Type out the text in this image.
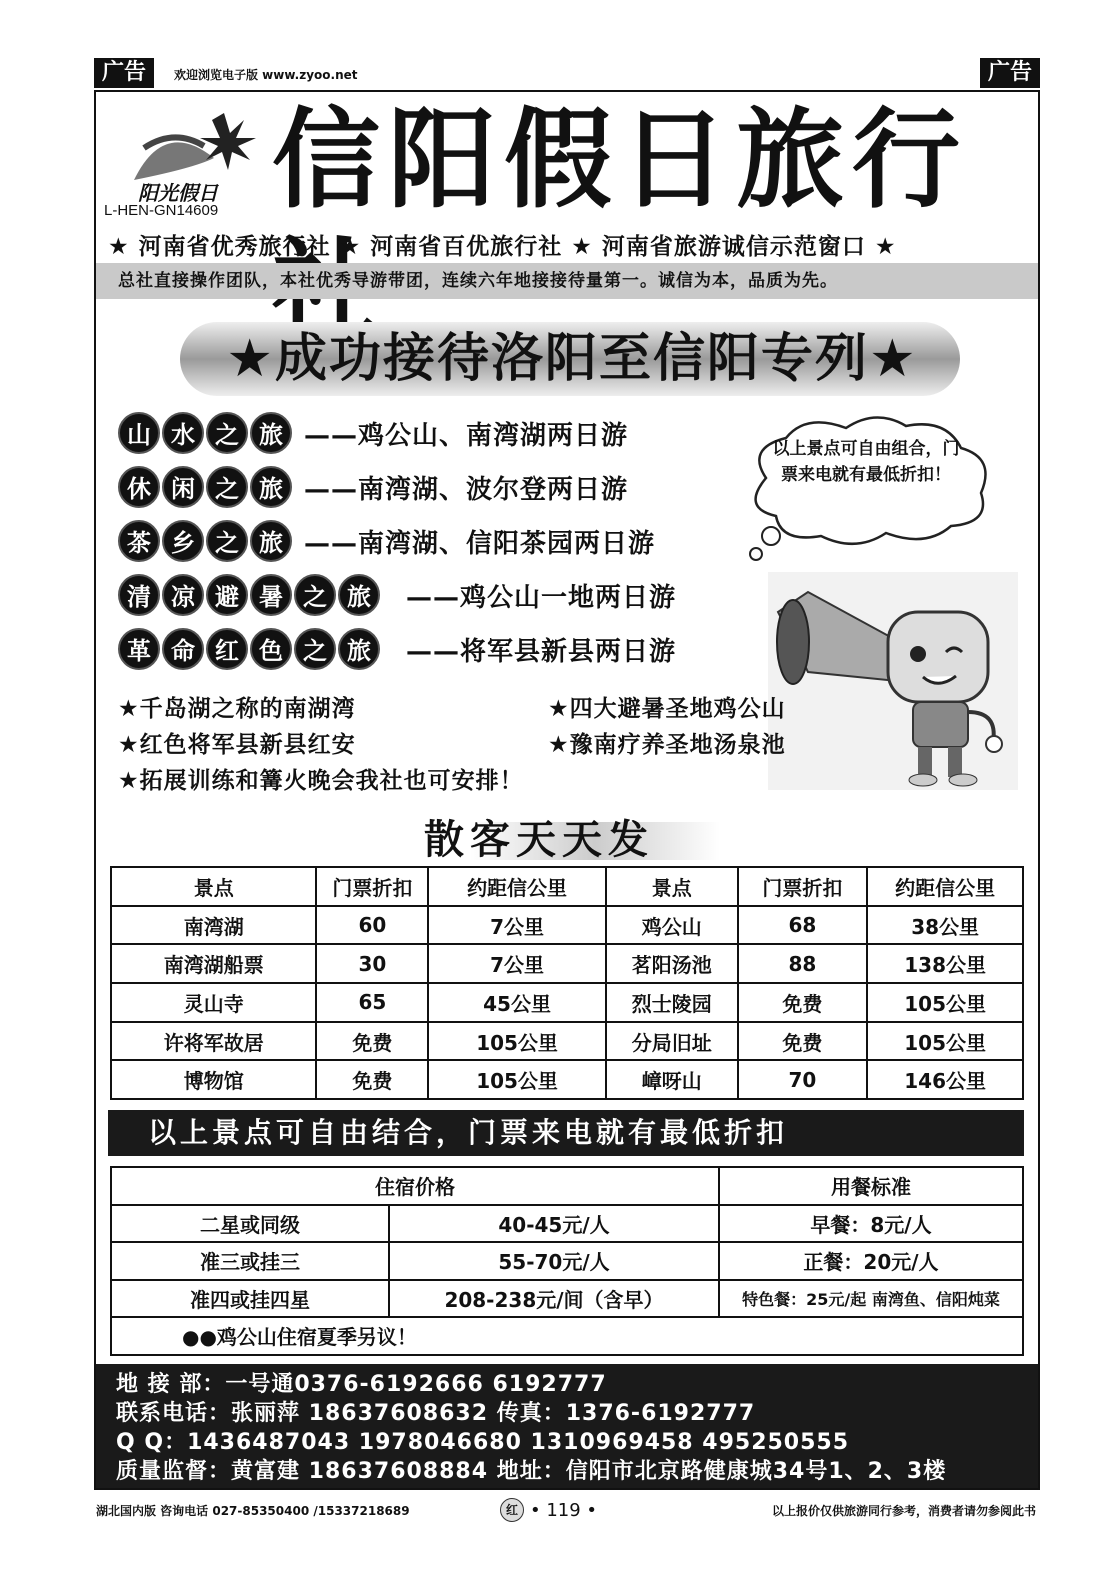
广告	欢迎浏览电子版 www.zyoo.net	广告
阳光假日
L-HEN-GN14609 信阳假日旅行
★ 河南省优秀旅行社 ★ 河南省百优旅行社 ★ 河南省旅游诚信示范窗口 ★
总社直接操作团队，本社优秀导游带团，连续六年地接接待量第一。诚信为本，品质为先。
★成功接待洛阳至信阳专列★
山 水 之 旅 ——鸡公山、南湾湖两日游
休 闲 之 旅 ——南湾湖、波尔登两日游
茶 乡 之 旅 ——南湾湖、信阳茶园两日游
清 凉 避 暑 之 旅	——鸡公山一地两日游
革 命 红 色 之 旅	——将军县新县两日游
以上景点可自由组合，门票来电就有最低折扣！
★千岛湖之称的南湖湾	★四大避暑圣地鸡公山
★红色将军县新县红安	★豫南疗养圣地汤泉池
★拓展训练和篝火晚会我社也可安排！
散客天天发
景点	门票折扣	约距信公里	景点	门票折扣	约距信公里
南湾湖	60	7公里	鸡公山	68	38公里
南湾湖船票	30	7公里	茗阳汤池	88	138公里
灵山寺	65	45公里	烈士陵园	免费	105公里
许将军故居	免费	105公里	分局旧址	免费	105公里
博物馆	免费	105公里	嶂呀山	70	146公里
以上景点可自由结合，门票来电就有最低折扣
住宿价格		用餐标准
二星或同级	40-45元/人	早餐：8元/人
准三或挂三	55-70元/人	正餐：20元/人
准四或挂四星	208-238元/间（含早）	特色餐：25元/起 南湾鱼、信阳炖菜
●●鸡公山住宿夏季另议！		
地 接 部：一号通0376-6192666 6192777
联系电话：张丽萍 18637608632 传真：1376-6192777
Q Q：1436487043 1978046680 1310969458 495250555
质量监督：黄富建 18637608884 地址：信阳市北京路健康城34号1、2、3楼
湖北国内版 咨询电话 027-85350400 /15337218689	红 • 119 •	以上报价仅供旅游同行参考，消费者请勿参阅此书
